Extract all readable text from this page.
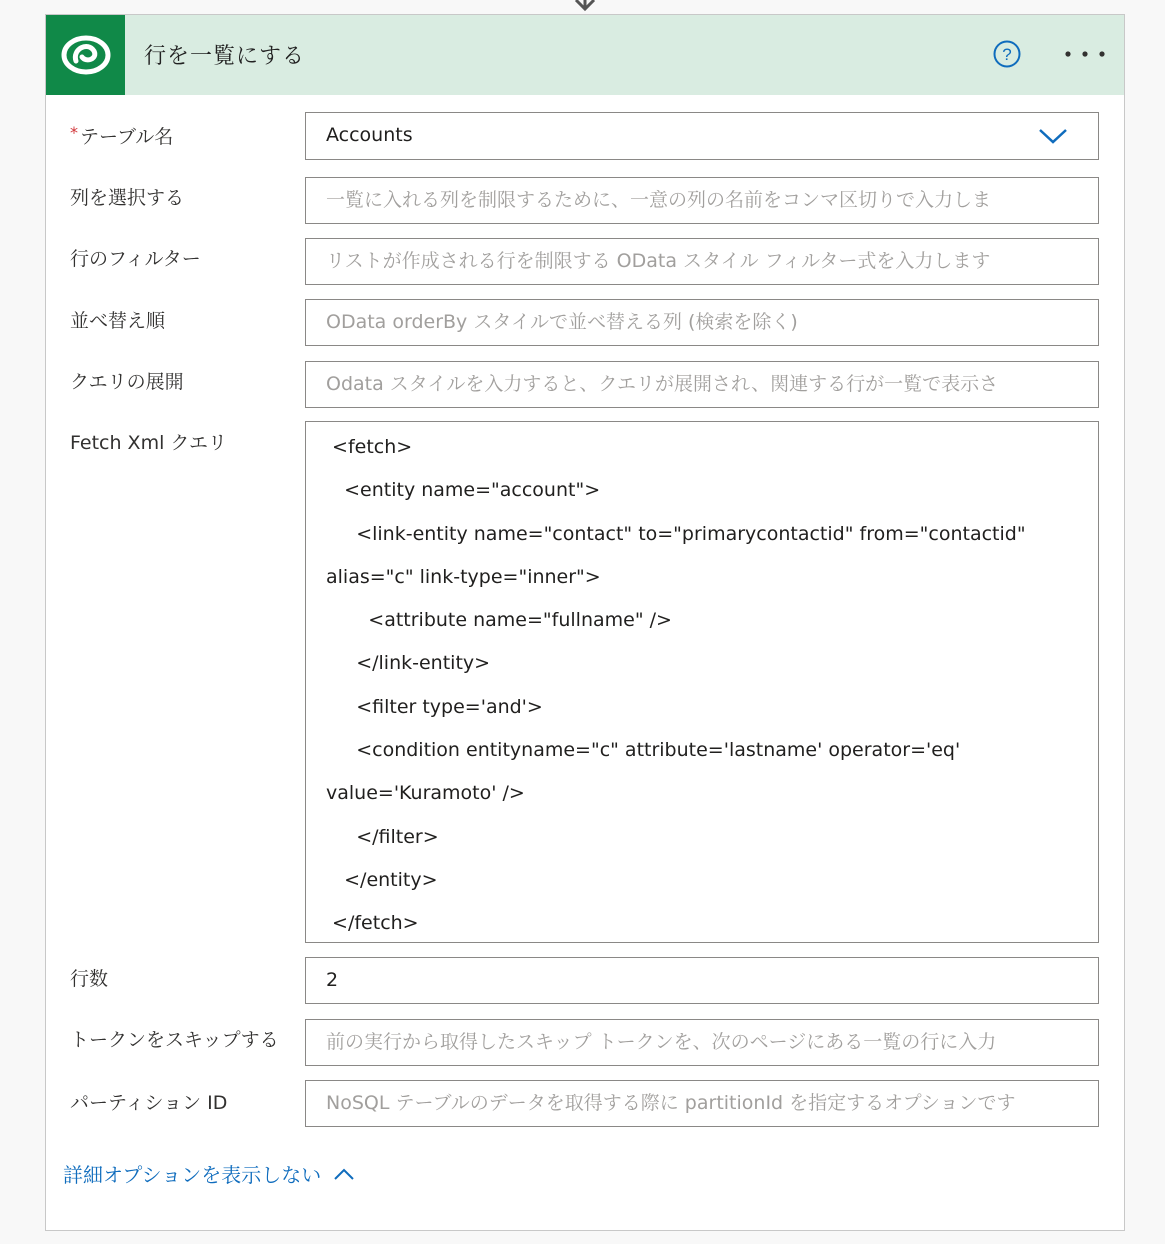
行を一覧にする	?
* テーブル名	Accounts
列を選択する	一覧に入れる列を制限するために、一意の列の名前をコンマ区切りで入力しま
行のフィルター	リストが作成される行を制限する OData スタイル フィルター式を入力します
並べ替え順	OData orderBy スタイルで並べ替える列 (検索を除く)
クエリの展開	Odata スタイルを入力すると、クエリが展開され、関連する行が一覧で表示さ
Fetch Xml クエリ	<fetch>
<entity name="account">
<link-entity name="contact" to="primarycontactid" from="contactid"
alias="c" link-type="inner">
<attribute name="fullname" />
</link-entity>
<filter type='and'>
<condition entityname="c" attribute='lastname' operator='eq'
value='Kuramoto' />
</filter>
</entity>
</fetch>
行数	2
トークンをスキップする	前の実行から取得したスキップ トークンを、次のページにある一覧の行に入力
パーティション ID	NoSQL テーブルのデータを取得する際に partitionId を指定するオプションです
詳細オプションを表示しない
